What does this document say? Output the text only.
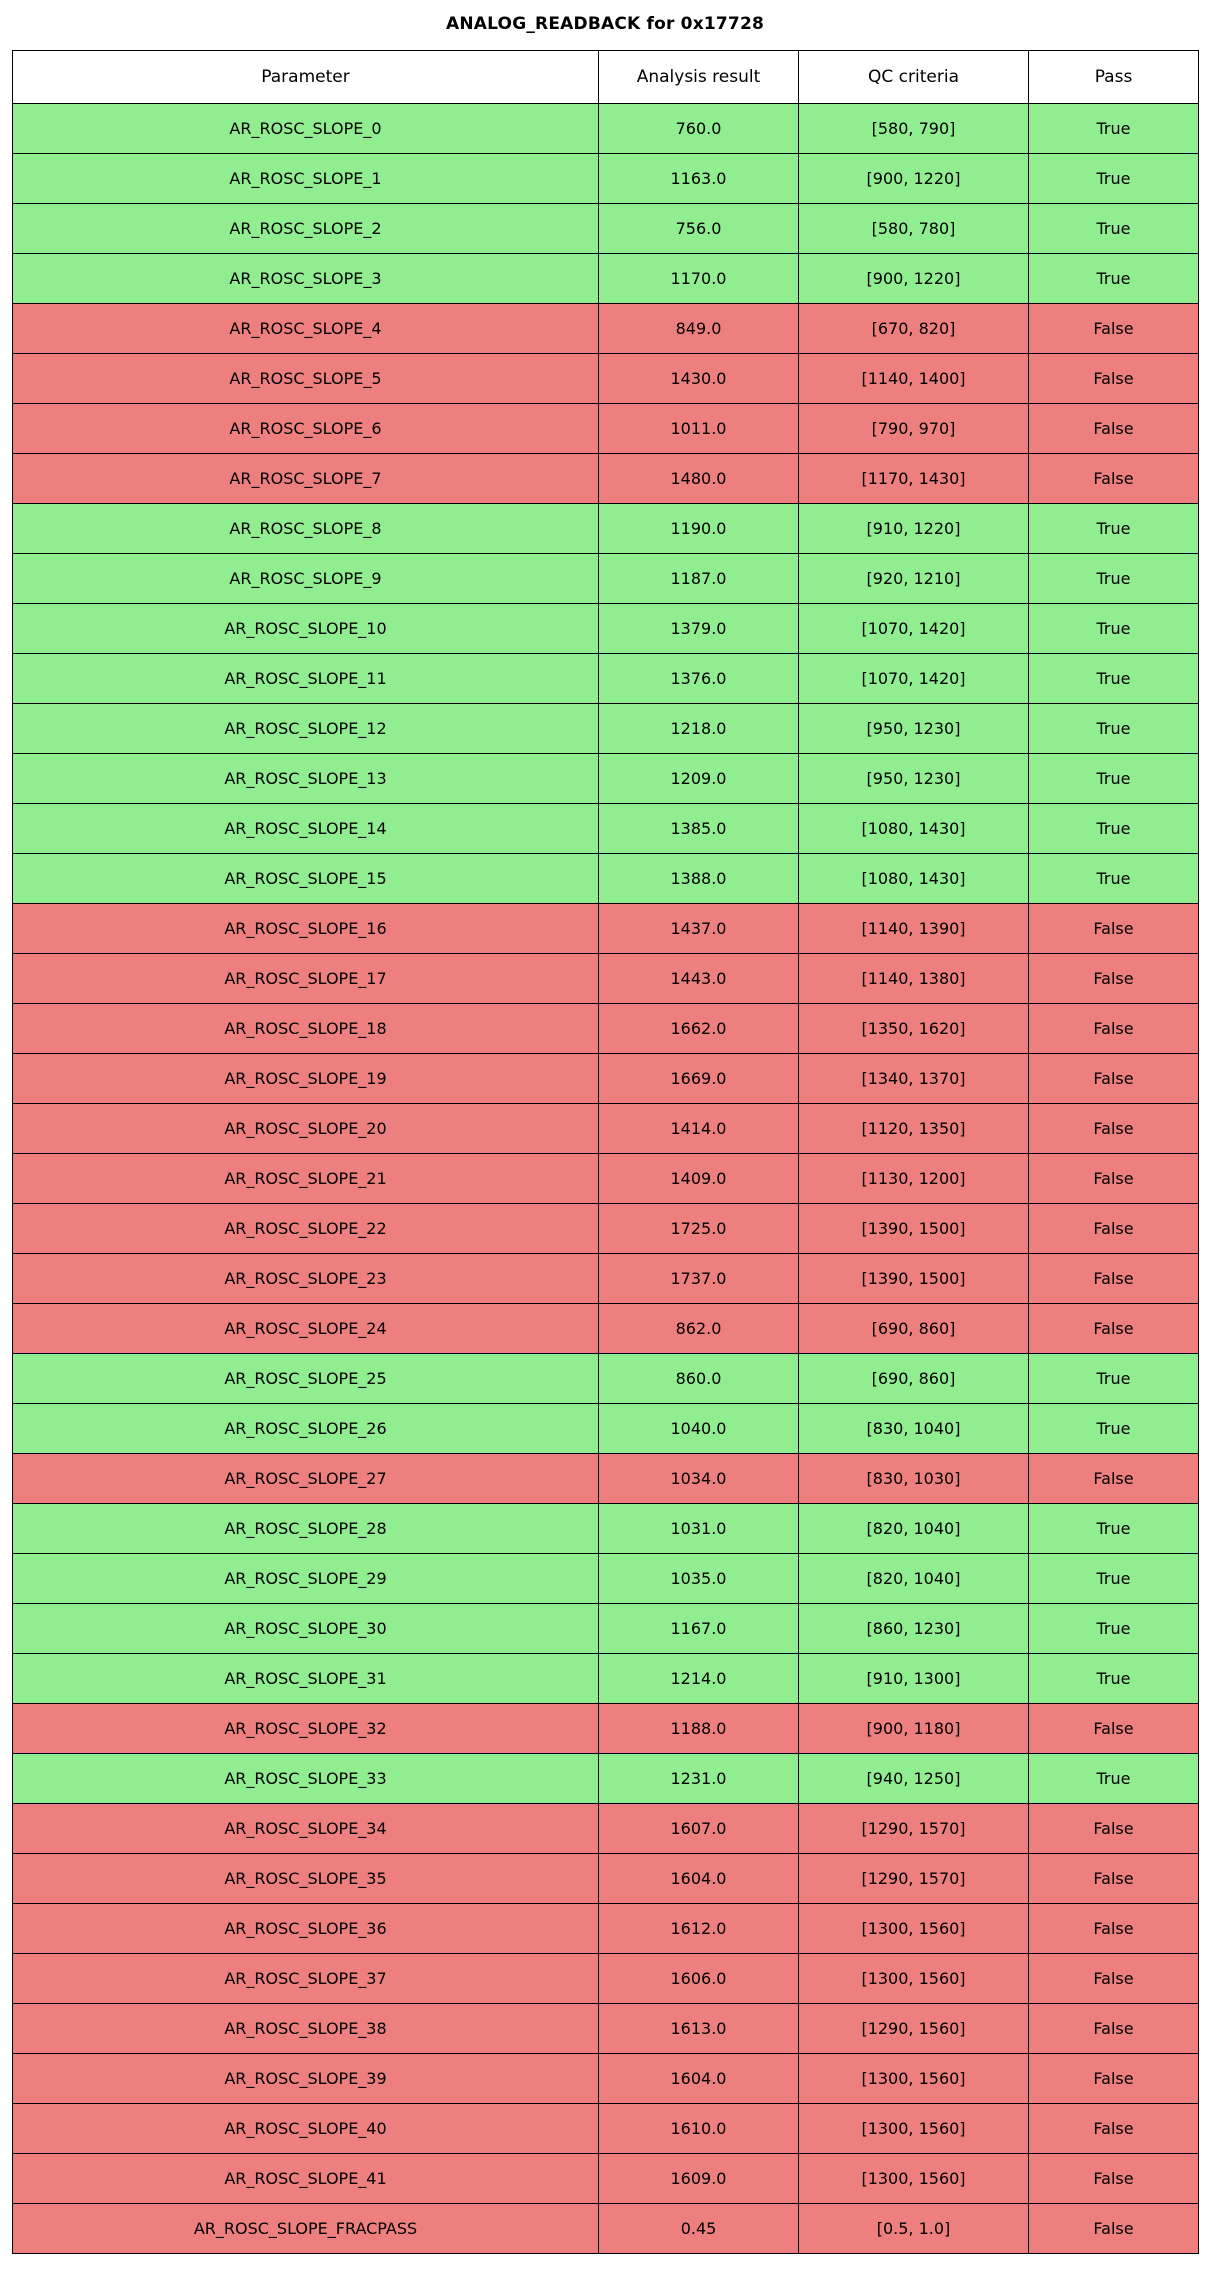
ANALOG_READBACK for 0x17728
Parameter	Analysis result	QC criteria	Pass
AR_ROSC_SLOPE_0	760.0	[580, 790]	True
AR_ROSC_SLOPE_1	1163.0	[900, 1220]	True
AR_ROSC_SLOPE_2	756.0	[580, 780]	True
AR_ROSC_SLOPE_3	1170.0	[900, 1220]	True
AR_ROSC_SLOPE_4	849.0	[670, 820]	False
AR_ROSC_SLOPE_5	1430.0	[1140, 1400]	False
AR_ROSC_SLOPE_6	1011.0	[790, 970]	False
AR_ROSC_SLOPE_7	1480.0	[1170, 1430]	False
AR_ROSC_SLOPE_8	1190.0	[910, 1220]	True
AR_ROSC_SLOPE_9	1187.0	[920, 1210]	True
AR_ROSC_SLOPE_10	1379.0	[1070, 1420]	True
AR_ROSC_SLOPE_11	1376.0	[1070, 1420]	True
AR_ROSC_SLOPE_12	1218.0	[950, 1230]	True
AR_ROSC_SLOPE_13	1209.0	[950, 1230]	True
AR_ROSC_SLOPE_14	1385.0	[1080, 1430]	True
AR_ROSC_SLOPE_15	1388.0	[1080, 1430]	True
AR_ROSC_SLOPE_16	1437.0	[1140, 1390]	False
AR_ROSC_SLOPE_17	1443.0	[1140, 1380]	False
AR_ROSC_SLOPE_18	1662.0	[1350, 1620]	False
AR_ROSC_SLOPE_19	1669.0	[1340, 1370]	False
AR_ROSC_SLOPE_20	1414.0	[1120, 1350]	False
AR_ROSC_SLOPE_21	1409.0	[1130, 1200]	False
AR_ROSC_SLOPE_22	1725.0	[1390, 1500]	False
AR_ROSC_SLOPE_23	1737.0	[1390, 1500]	False
AR_ROSC_SLOPE_24	862.0	[690, 860]	False
AR_ROSC_SLOPE_25	860.0	[690, 860]	True
AR_ROSC_SLOPE_26	1040.0	[830, 1040]	True
AR_ROSC_SLOPE_27	1034.0	[830, 1030]	False
AR_ROSC_SLOPE_28	1031.0	[820, 1040]	True
AR_ROSC_SLOPE_29	1035.0	[820, 1040]	True
AR_ROSC_SLOPE_30	1167.0	[860, 1230]	True
AR_ROSC_SLOPE_31	1214.0	[910, 1300]	True
AR_ROSC_SLOPE_32	1188.0	[900, 1180]	False
AR_ROSC_SLOPE_33	1231.0	[940, 1250]	True
AR_ROSC_SLOPE_34	1607.0	[1290, 1570]	False
AR_ROSC_SLOPE_35	1604.0	[1290, 1570]	False
AR_ROSC_SLOPE_36	1612.0	[1300, 1560]	False
AR_ROSC_SLOPE_37	1606.0	[1300, 1560]	False
AR_ROSC_SLOPE_38	1613.0	[1290, 1560]	False
AR_ROSC_SLOPE_39	1604.0	[1300, 1560]	False
AR_ROSC_SLOPE_40	1610.0	[1300, 1560]	False
AR_ROSC_SLOPE_41	1609.0	[1300, 1560]	False
AR_ROSC_SLOPE_FRACPASS	0.45	[0.5, 1.0]	False
